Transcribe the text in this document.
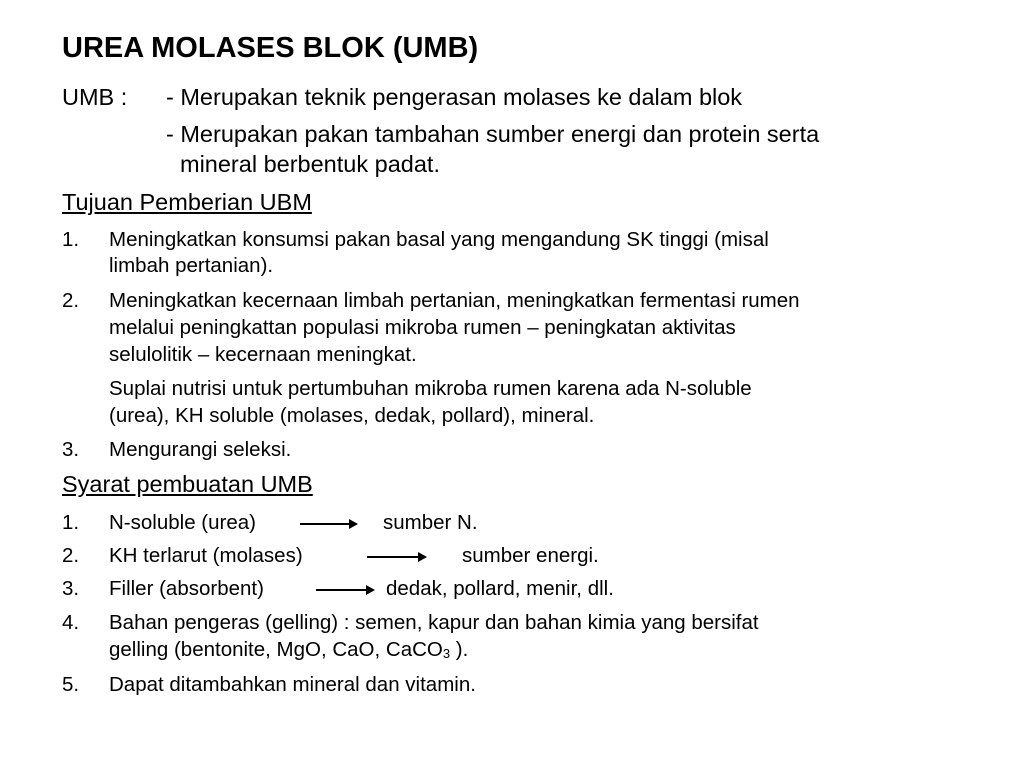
UREA MOLASES BLOK (UMB)
UMB : - Merupakan teknik pengerasan molases ke dalam blok
- Merupakan pakan tambahan sumber energi dan protein serta
mineral berbentuk padat.
Tujuan Pemberian UBM
1. Meningkatkan konsumsi pakan basal yang mengandung SK tinggi (misal
limbah pertanian).
2. Meningkatkan kecernaan limbah pertanian, meningkatkan fermentasi rumen
melalui peningkattan populasi mikroba rumen – peningkatan aktivitas
selulolitik – kecernaan meningkat.
Suplai nutrisi untuk pertumbuhan mikroba rumen karena ada N-soluble
(urea), KH soluble (molases, dedak, pollard), mineral.
3. Mengurangi seleksi.
Syarat pembuatan UMB
1. N-soluble (urea)	sumber N.
2. KH terlarut (molases)	sumber energi.
3. Filler (absorbent)	dedak, pollard, menir, dll.
4. Bahan pengeras (gelling) : semen, kapur dan bahan kimia yang bersifat
gelling (bentonite, MgO, CaO, CaCO$_3$ ).
5. Dapat ditambahkan mineral dan vitamin.
